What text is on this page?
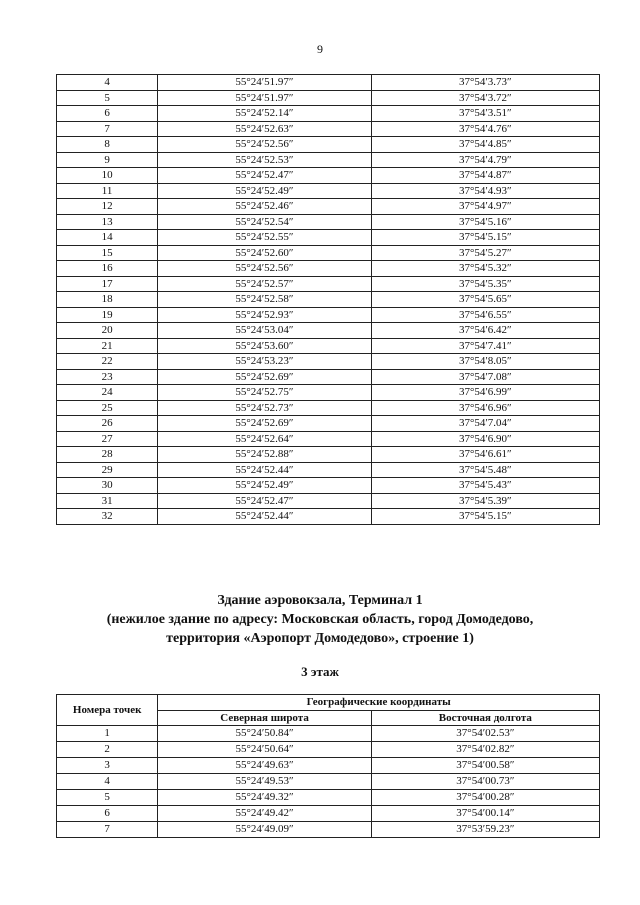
9
4	55°24′51.97″	37°54′3.73″
5	55°24′51.97″	37°54′3.72″
6	55°24′52.14″	37°54′3.51″
7	55°24′52.63″	37°54′4.76″
8	55°24′52.56″	37°54′4.85″
9	55°24′52.53″	37°54′4.79″
10	55°24′52.47″	37°54′4.87″
11	55°24′52.49″	37°54′4.93″
12	55°24′52.46″	37°54′4.97″
13	55°24′52.54″	37°54′5.16″
14	55°24′52.55″	37°54′5.15″
15	55°24′52.60″	37°54′5.27″
16	55°24′52.56″	37°54′5.32″
17	55°24′52.57″	37°54′5.35″
18	55°24′52.58″	37°54′5.65″
19	55°24′52.93″	37°54′6.55″
20	55°24′53.04″	37°54′6.42″
21	55°24′53.60″	37°54′7.41″
22	55°24′53.23″	37°54′8.05″
23	55°24′52.69″	37°54′7.08″
24	55°24′52.75″	37°54′6.99″
25	55°24′52.73″	37°54′6.96″
26	55°24′52.69″	37°54′7.04″
27	55°24′52.64″	37°54′6.90″
28	55°24′52.88″	37°54′6.61″
29	55°24′52.44″	37°54′5.48″
30	55°24′52.49″	37°54′5.43″
31	55°24′52.47″	37°54′5.39″
32	55°24′52.44″	37°54′5.15″
Здание аэровокзала, Терминал 1
(нежилое здание по адресу: Московская область, город Домодедово,
территория «Аэропорт Домодедово», строение 1)
3 этаж
Номера точек	Географические координаты	
	Северная широта	Восточная долгота
1	55°24′50.84″	37°54′02.53″
2	55°24′50.64″	37°54′02.82″
3	55°24′49.63″	37°54′00.58″
4	55°24′49.53″	37°54′00.73″
5	55°24′49.32″	37°54′00.28″
6	55°24′49.42″	37°54′00.14″
7	55°24′49.09″	37°53′59.23″
